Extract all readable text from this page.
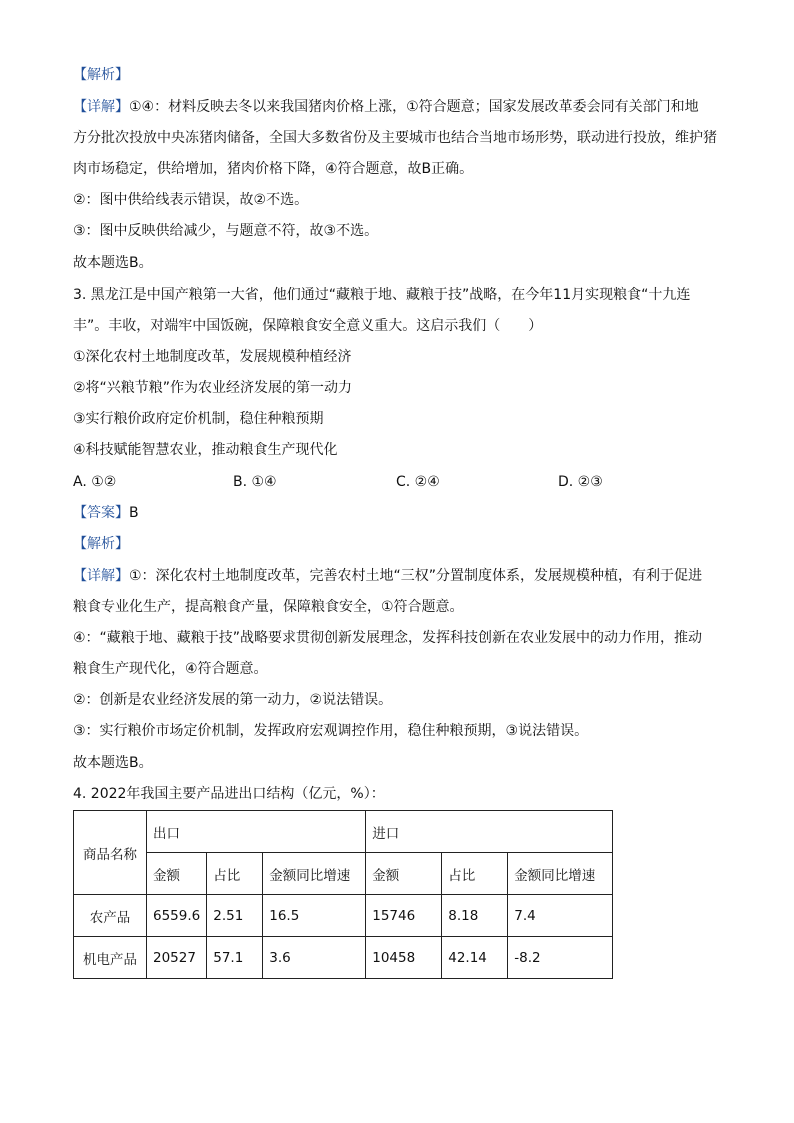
【解析】
【详解】①④：材料反映去冬以来我国猪肉价格上涨，①符合题意；国家发展改革委会同有关部门和地
方分批次投放中央冻猪肉储备，全国大多数省份及主要城市也结合当地市场形势，联动进行投放，维护猪
肉市场稳定，供给增加，猪肉价格下降，④符合题意，故B正确。
②：图中供给线表示错误，故②不选。
③：图中反映供给减少，与题意不符，故③不选。
故本题选B。
3. 黑龙江是中国产粮第一大省，他们通过“藏粮于地、藏粮于技”战略，在今年11月实现粮食“十九连
丰”。丰收，对端牢中国饭碗，保障粮食安全意义重大。这启示我们（　　）
①深化农村土地制度改革，发展规模种植经济
②将“兴粮节粮”作为农业经济发展的第一动力
③实行粮价政府定价机制，稳住种粮预期
④科技赋能智慧农业，推动粮食生产现代化
A. ①②	B. ①④	C. ②④	D. ②③
【答案】B
【解析】
【详解】①：深化农村土地制度改革，完善农村土地“三权”分置制度体系，发展规模种植，有利于促进
粮食专业化生产，提高粮食产量，保障粮食安全，①符合题意。
④：“藏粮于地、藏粮于技”战略要求贯彻创新发展理念，发挥科技创新在农业发展中的动力作用，推动
粮食生产现代化，④符合题意。
②：创新是农业经济发展的第一动力，②说法错误。
③：实行粮价市场定价机制，发挥政府宏观调控作用，稳住种粮预期，③说法错误。
故本题选B。
4. 2022年我国主要产品进出口结构（亿元，%）：
商品名称	出口			进口		
	金额	占比	金额同比增速	金额	占比	金额同比增速
农产品	6559.6	2.51	16.5	15746	8.18	7.4
机电产品	20527	57.1	3.6	10458	42.14	-8.2
